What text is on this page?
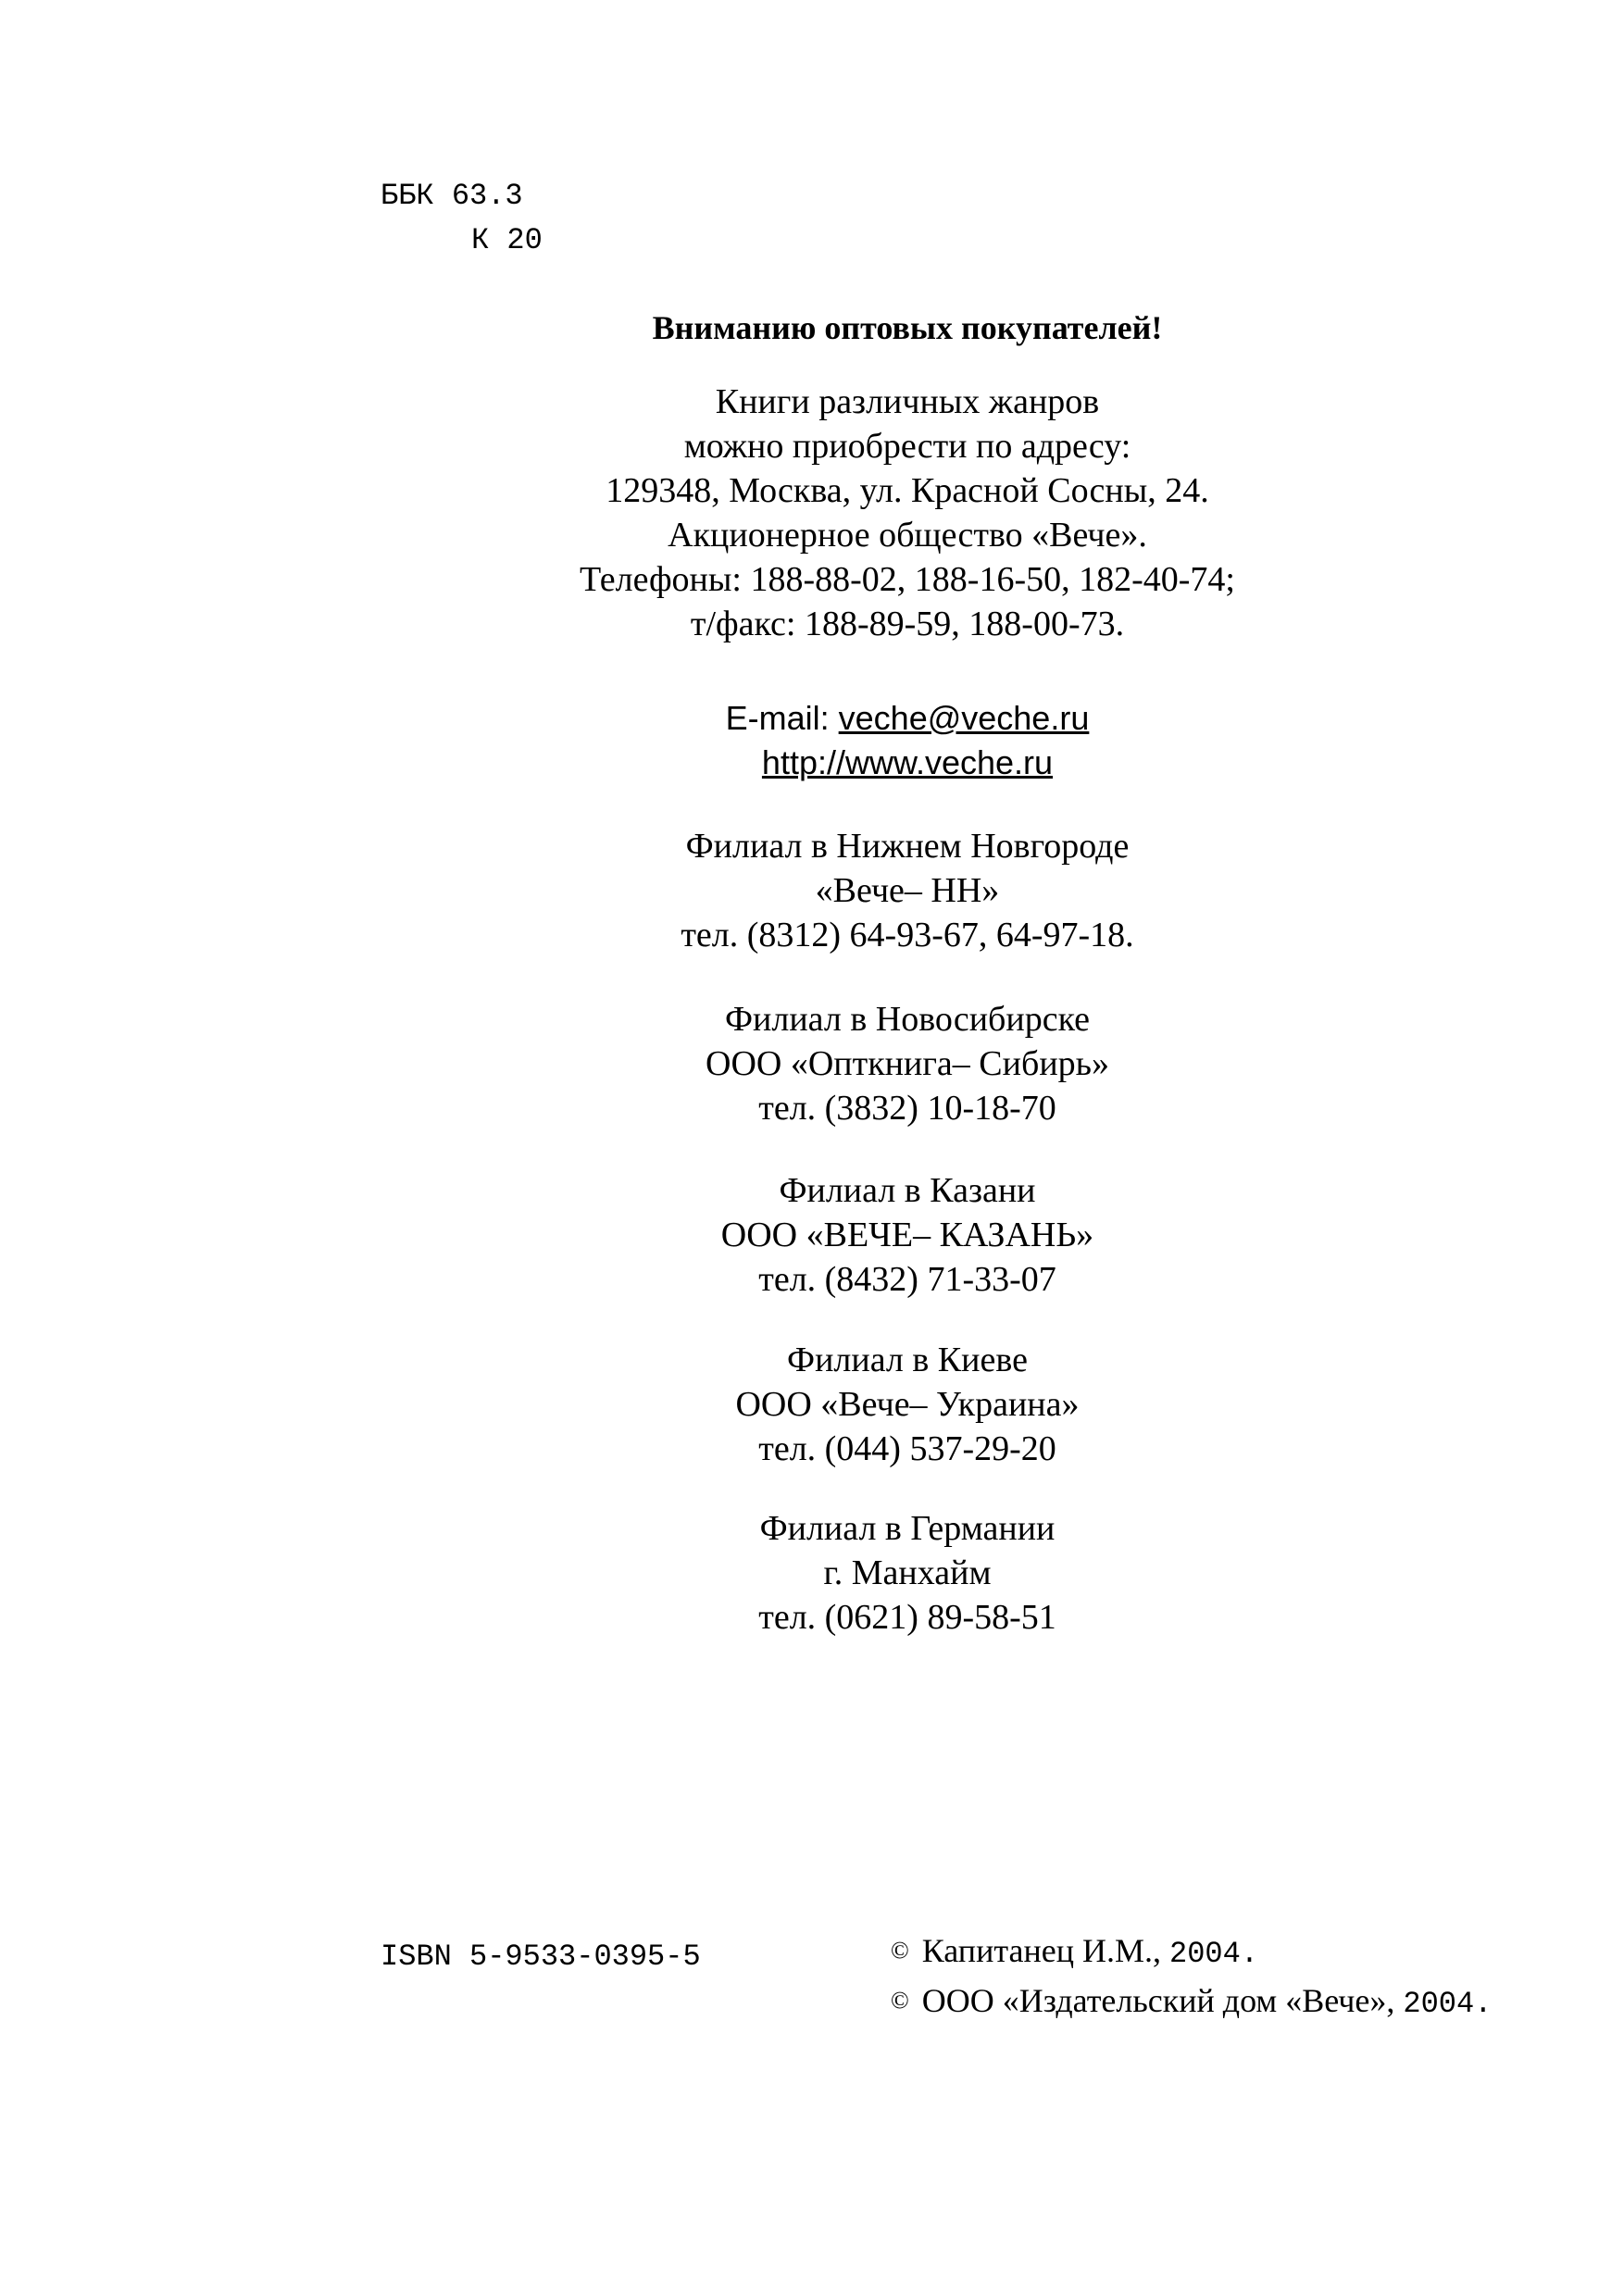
ББК 63.3
К 20
Вниманию оптовых покупателей!
Книги различных жанров
можно приобрести по адресу:
129348, Москва, ул. Красной Сосны, 24.
Акционерное общество «Вече».
Телефоны: 188-88-02, 188-16-50, 182-40-74;
т/факс: 188-89-59, 188-00-73.
E-mail: veche@veche.ru
http://www.veche.ru
Филиал в Нижнем Новгороде
«Вече– НН»
тел. (8312) 64-93-67, 64-97-18.
Филиал в Новосибирске
ООО «Опткнига– Сибирь»
тел. (3832) 10-18-70
Филиал в Казани
ООО «ВЕЧЕ– КАЗАНЬ»
тел. (8432) 71-33-07
Филиал в Киеве
ООО «Вече– Украина»
тел. (044) 537-29-20
Филиал в Германии
г. Манхайм
тел. (0621) 89-58-51
ISBN 5-9533-0395-5	© Капитанец И.М., 2004.
© ООО «Издательский дом «Вече», 2004.
